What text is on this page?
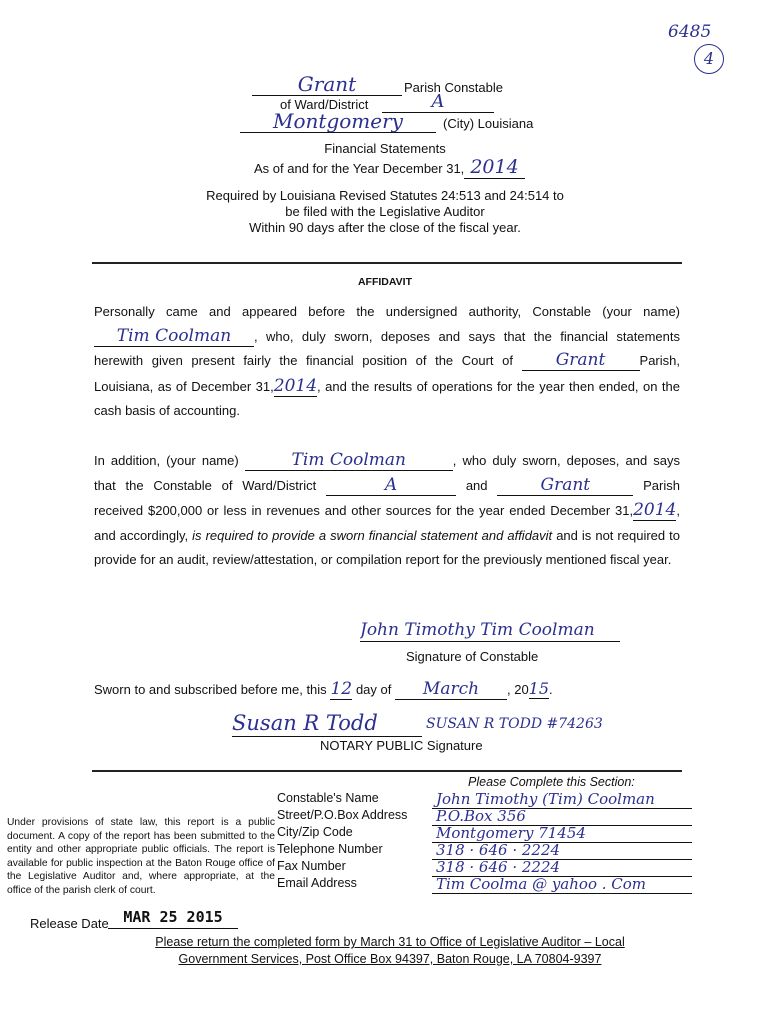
6485
4
Grant	Parish Constable
of Ward/District	A
Montgomery	(City) Louisiana
Financial Statements
As of and for the Year December 31, 2014
Required by Louisiana Revised Statutes 24:513 and 24:514 to
be filed with the Legislative Auditor
Within 90 days after the close of the fiscal year.
AFFIDAVIT
Personally came and appeared before the undersigned authority, Constable (your name) Tim Coolman , who, duly sworn, deposes and says that the financial statements herewith given present fairly the financial position of the Court of Grant	Parish, Louisiana, as of December 31,2014, and the results of operations for the year then ended, on the cash basis of accounting.
In addition, (your name)	Tim Coolman	, who duly sworn, deposes, and says that the Constable of Ward/District	A	and	Grant	Parish received $200,000 or less in revenues and other sources for the year ended December 31,2014, and accordingly, is required to provide a sworn financial statement and affidavit and is not required to provide for an audit, review/attestation, or compilation report for the previously mentioned fiscal year.
John Timothy Tim Coolman
Signature of Constable
Sworn to and subscribed before me, this 12 day of March , 2015.
Susan R Todd	SUSAN R TODD #74263
NOTARY PUBLIC Signature
Please Complete this Section:
Under provisions of state law, this report is a public document. A copy of the report has been submitted to the entity and other appropriate public officials. The report is available for public inspection at the Baton Rouge office of the Legislative Auditor and, where appropriate, at the office of the parish clerk of court.
Constable's Name	John Timothy (Tim) Coolman
Street/P.O.Box Address P.O.Box 356
City/Zip Code	Montgomery 71454
Telephone Number	318 · 646 · 2224
Fax Number	318 · 646 · 2224
Email Address	Tim Coolma @ yahoo . Com
Release Date MAR 25 2015
Please return the completed form by March 31 to Office of Legislative Auditor – Local
Government Services, Post Office Box 94397, Baton Rouge, LA 70804-9397
